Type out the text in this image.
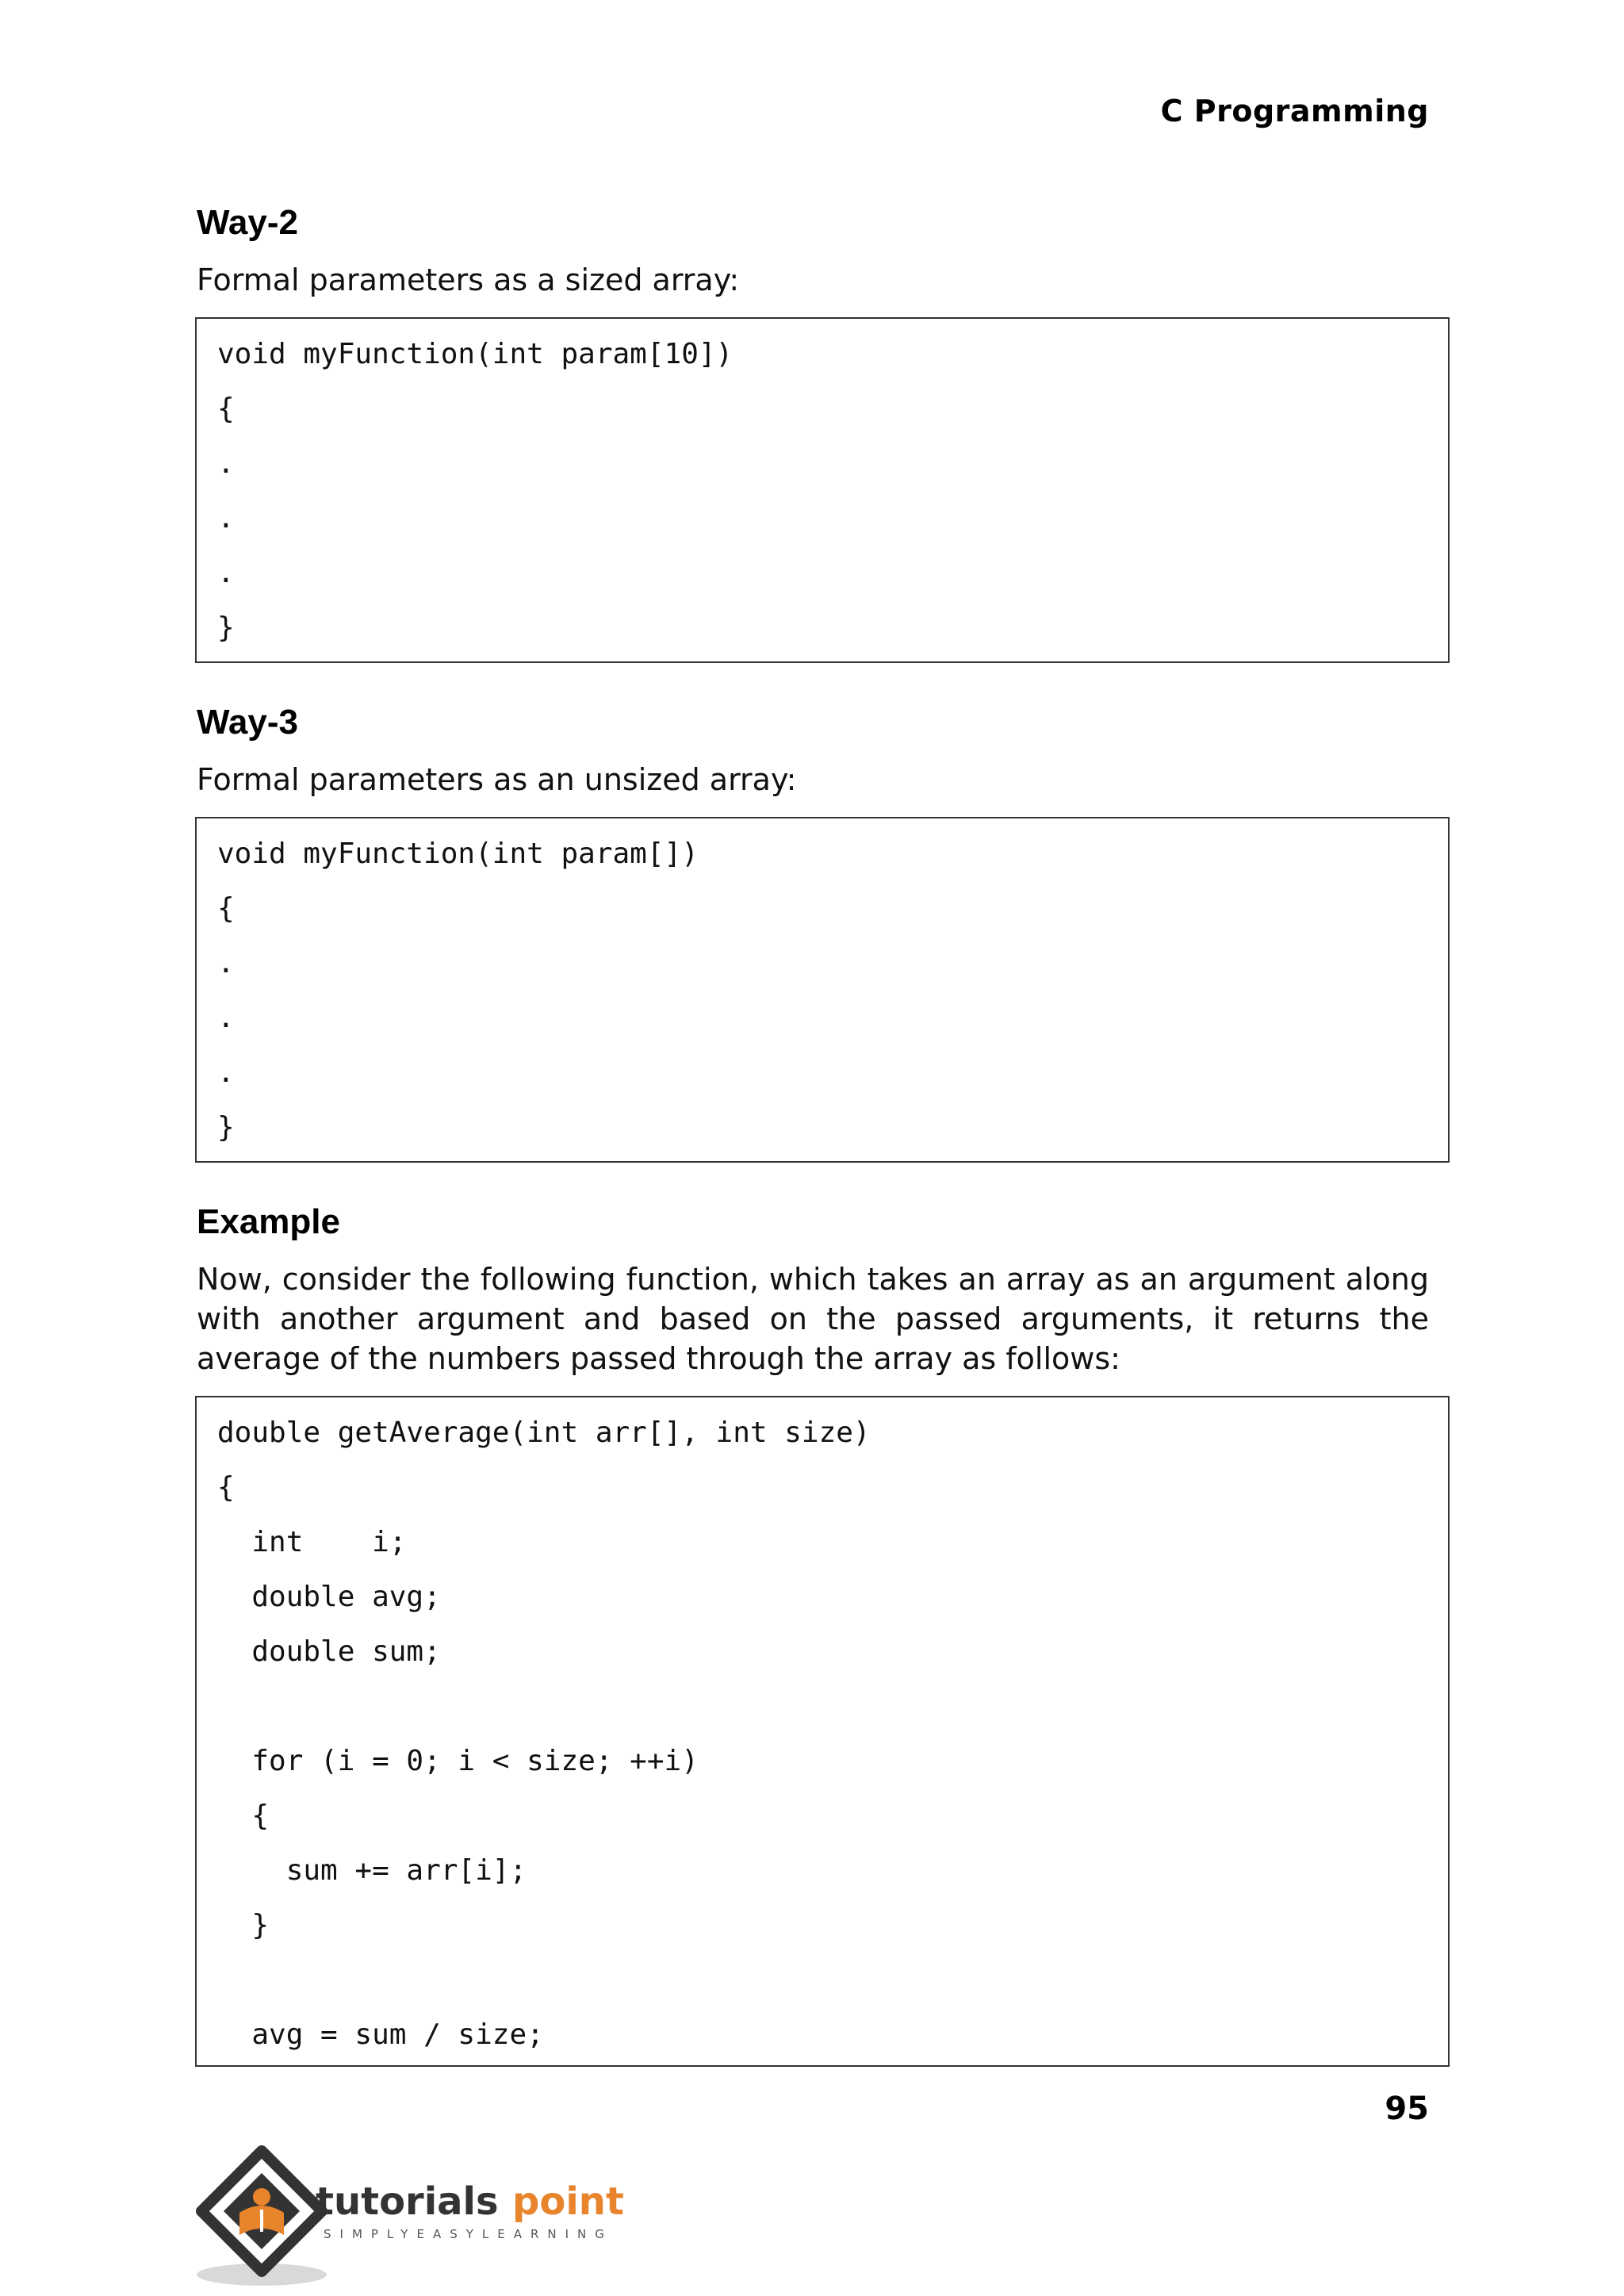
C Programming
Way-2
Formal parameters as a sized array:
void myFunction(int param[10])
{
.
.
.
}
Way-3
Formal parameters as an unsized array:
void myFunction(int param[])
{
.
.
.
}
Example
Now, consider the following function, which takes an array as an argument along with another argument and based on the passed arguments, it returns the average of the numbers passed through the array as follows:
double getAverage(int arr[], int size)
{
int    i;
double avg;
double sum;
for (i = 0; i < size; ++i)
{
sum += arr[i];
}
avg = sum / size;
95
tutorials point
SIMPLYEASYLEARNING
